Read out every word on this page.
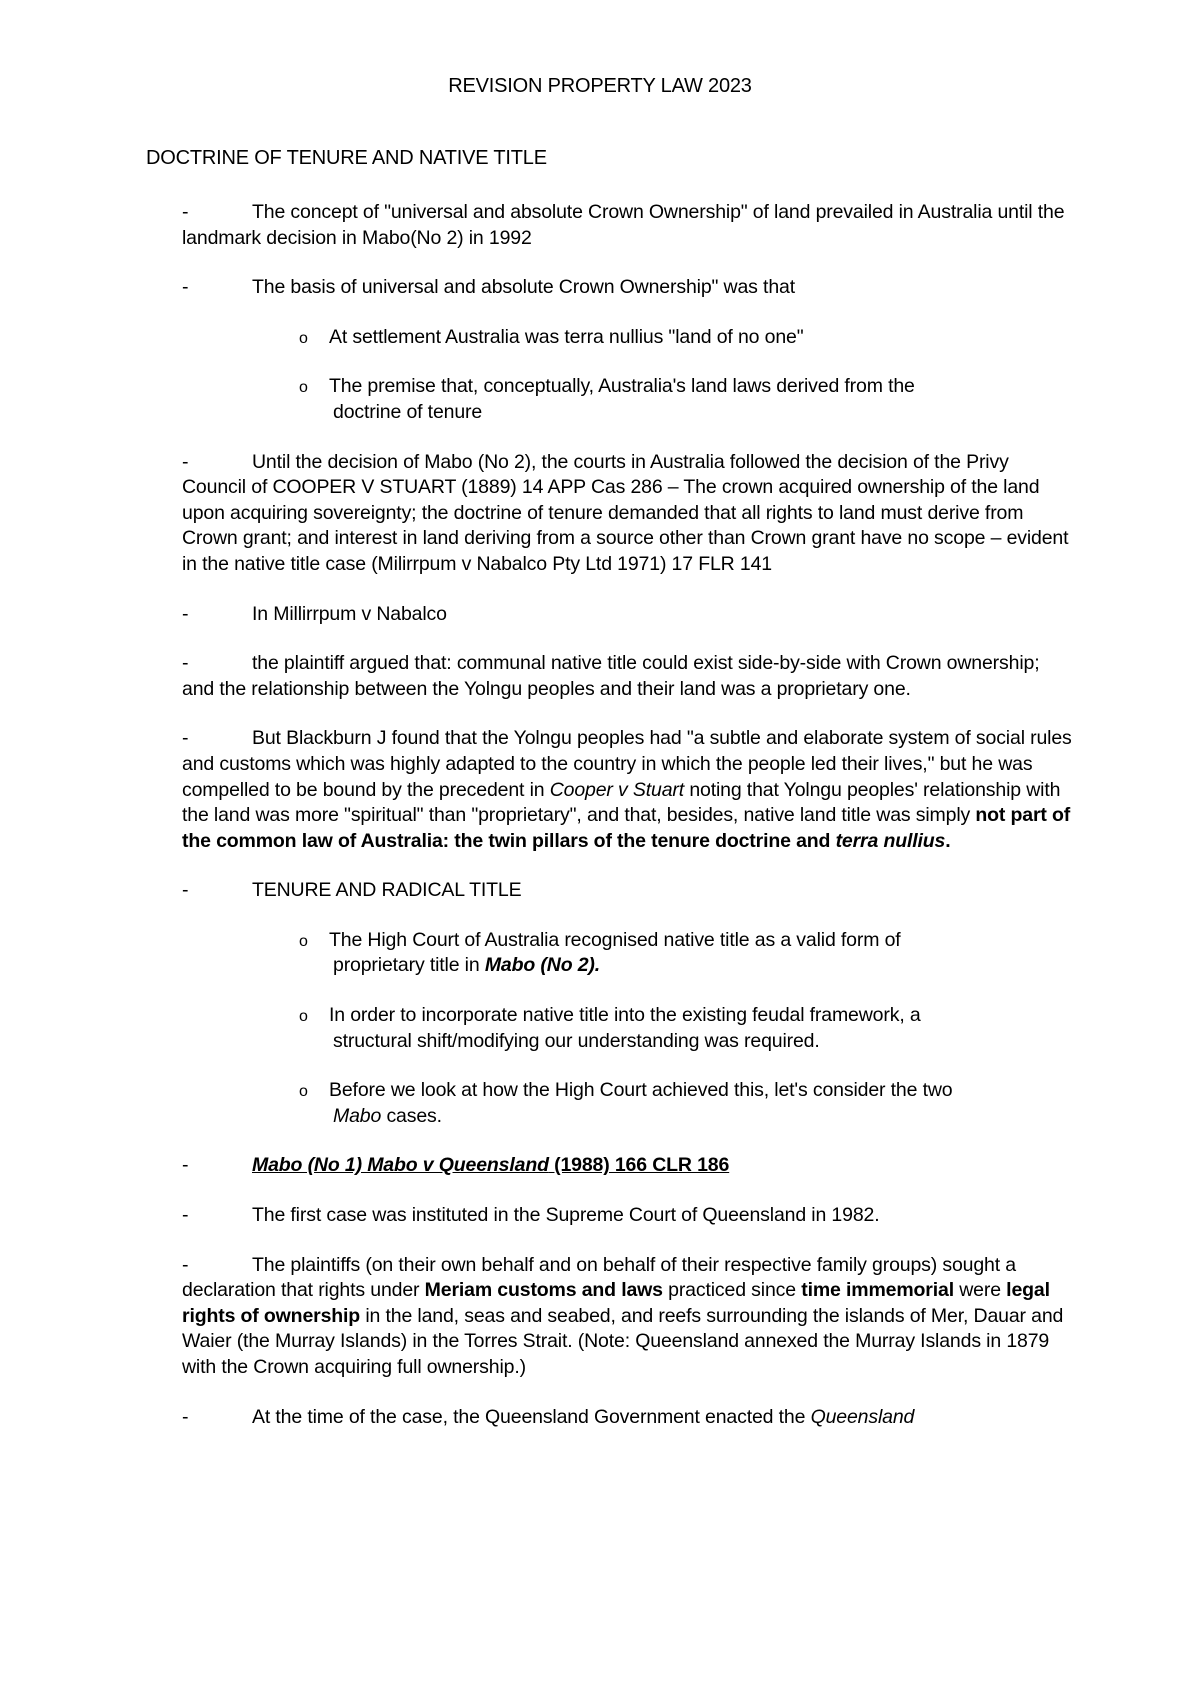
REVISION PROPERTY LAW 2023
DOCTRINE OF TENURE AND NATIVE TITLE
-	The concept of "universal and absolute Crown Ownership" of land prevailed in Australia until the landmark decision in Mabo(No 2) in 1992
-	The basis of universal and absolute Crown Ownership" was that
o At settlement Australia was terra nullius "land of no one"
o The premise that, conceptually, Australia's land laws derived from the
doctrine of tenure
-	Until the decision of Mabo (No 2), the courts in Australia followed the decision of the Privy Council of COOPER V STUART (1889) 14 APP Cas 286 – The crown acquired ownership of the land upon acquiring sovereignty; the doctrine of tenure demanded that all rights to land must derive from Crown grant; and interest in land deriving from a source other than Crown grant have no scope – evident in the native title case (Milirrpum v Nabalco Pty Ltd 1971) 17 FLR 141
-	In Millirrpum v Nabalco
-	the plaintiff argued that: communal native title could exist side-by-side with Crown ownership; and the relationship between the Yolngu peoples and their land was a proprietary one.
-	But Blackburn J found that the Yolngu peoples had "a subtle and elaborate system of social rules and customs which was highly adapted to the country in which the people led their lives," but he was compelled to be bound by the precedent in Cooper v Stuart noting that Yolngu peoples' relationship with the land was more "spiritual" than "proprietary", and that, besides, native land title was simply not part of the common law of Australia: the twin pillars of the tenure doctrine and terra nullius.
-	TENURE AND RADICAL TITLE
o The High Court of Australia recognised native title as a valid form of
proprietary title in Mabo (No 2).
o In order to incorporate native title into the existing feudal framework, a
structural shift/modifying our understanding was required.
o Before we look at how the High Court achieved this, let's consider the two
Mabo cases.
-	Mabo (No 1) Mabo v Queensland (1988) 166 CLR 186
-	The first case was instituted in the Supreme Court of Queensland in 1982.
-	The plaintiffs (on their own behalf and on behalf of their respective family groups) sought a declaration that rights under Meriam customs and laws practiced since time immemorial were legal rights of ownership in the land, seas and seabed, and reefs surrounding the islands of Mer, Dauar and Waier (the Murray Islands) in the Torres Strait. (Note: Queensland annexed the Murray Islands in 1879 with the Crown acquiring full ownership.)
-	At the time of the case, the Queensland Government enacted the Queensland
